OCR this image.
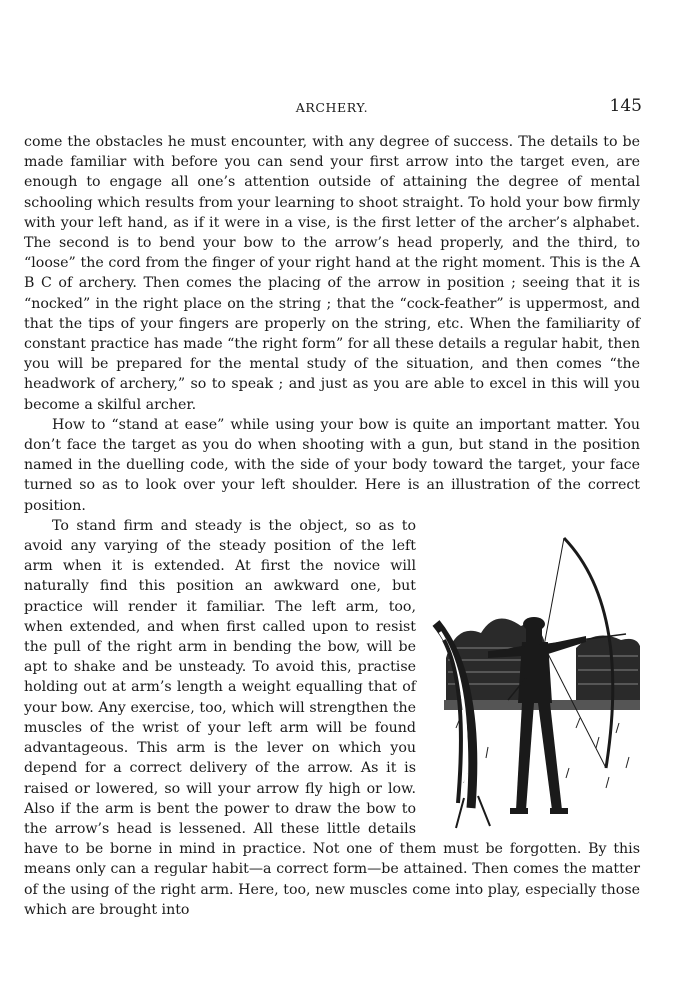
ARCHERY.	145

come the obstacles he must encounter, with any degree of success. The details to be made familiar with before you can send your first arrow into the target even, are enough to engage all one’s attention outside of attaining the degree of mental schooling which results from your learning to shoot straight. To hold your bow firmly with your left hand, as if it were in a vise, is the first letter of the archer’s alphabet. The second is to bend your bow to the arrow’s head properly, and the third, to “loose” the cord from the finger of your right hand at the right moment. This is the A B C of archery. Then comes the placing of the arrow in position ; seeing that it is “nocked” in the right place on the string ; that the “cock-feather” is uppermost, and that the tips of your fingers are properly on the string, etc. When the familiarity of constant practice has made “the right form” for all these details a regular habit, then you will be prepared for the mental study of the situation, and then comes “the headwork of archery,” so to speak ; and just as you are able to excel in this will you become a skilful archer.

How to “stand at ease” while using your bow is quite an important matter. You don’t face the target as you do when shooting with a gun, but stand in the position named in the duelling code, with the side of your body toward the target, your face turned so as to look over your left shoulder. Here is an illustration of the correct position.

To stand firm and steady is the object, so as to avoid any varying of the steady position of the left arm when it is extended. At first the novice will naturally find this position an awkward one, but practice will render it familiar. The left arm, too, when extended, and when first called upon to resist the pull of the right arm in bending the bow, will be apt to shake and be unsteady. To avoid this, practise holding out at arm’s length a weight equalling that of your bow. Any exercise, too, which will strengthen the muscles of the wrist of your left arm will be found advantageous. This arm is the lever on which you depend for a correct delivery of the arrow. As it is raised or lowered, so will your arrow fly high or low. Also if the arm is bent the power to draw the bow to the arrow’s head is lessened. All these little details have to be borne in mind in practice. Not one of them must be forgotten. By this means only can a regular habit—a correct form—be attained. Then comes the matter of the using of the right arm. Here, too, new muscles come into play, especially those which are brought into
